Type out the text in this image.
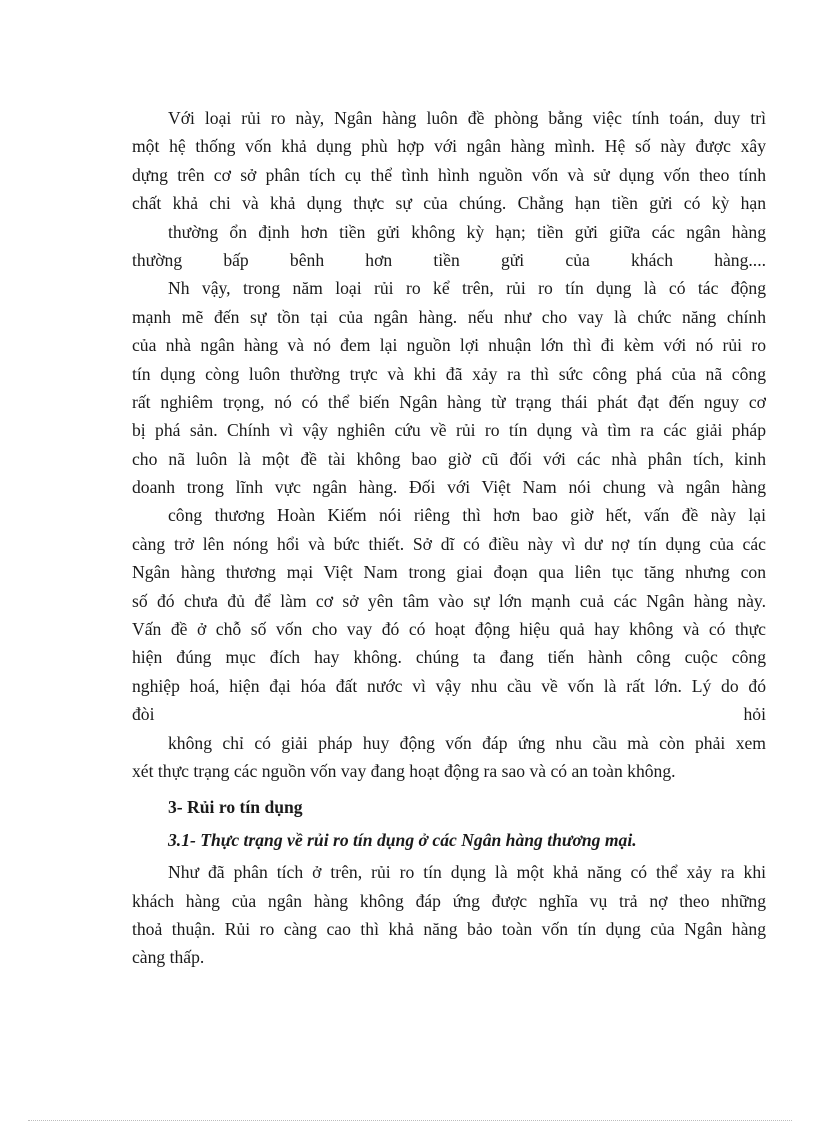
Với loại rủi ro này, Ngân hàng luôn đề phòng bằng việc tính toán, duy trì
một hệ thống vốn khả dụng phù hợp với ngân hàng mình. Hệ số này được xây
dựng trên cơ sở phân tích cụ thể tình hình nguồn vốn và sử dụng vốn theo tính
chất khả chi và khả dụng thực sự của chúng. Chẳng hạn tiền gửi có kỳ hạn
thường ổn định hơn tiền gửi không kỳ hạn; tiền gửi giữa các ngân hàng
thường bấp bênh hơn tiền gửi của khách hàng....
Nh vậy, trong năm loại rủi ro kể trên, rủi ro tín dụng là có tác động
mạnh mẽ đến sự tồn tại của ngân hàng. nếu như cho vay là chức năng chính
của nhà ngân hàng và nó đem lại nguồn lợi nhuận lớn thì đi kèm với nó rủi ro
tín dụng còng luôn thường trực và khi đã xảy ra thì sức công phá của nã công
rất nghiêm trọng, nó có thể biến Ngân hàng từ trạng thái phát đạt đến nguy cơ
bị phá sản. Chính vì vậy nghiên cứu về rủi ro tín dụng và tìm ra các giải pháp
cho nã luôn là một đề tài không bao giờ cũ đối với các nhà phân tích, kinh
doanh trong lĩnh vực ngân hàng. Đối với Việt Nam nói chung và ngân hàng
công thương Hoàn Kiếm nói riêng thì hơn bao giờ hết, vấn đề này lại
càng trở lên nóng hổi và bức thiết. Sở dĩ có điều này vì dư nợ tín dụng của các
Ngân hàng thương mại Việt Nam trong giai đoạn qua liên tục tăng nhưng con
số đó chưa đủ để làm cơ sở yên tâm vào sự lớn mạnh cuả các Ngân hàng này.
Vấn đề ở chỗ số vốn cho vay đó có hoạt động hiệu quả hay không và có thực
hiện đúng mục đích hay không. chúng ta đang tiến hành công cuộc công
nghiệp hoá, hiện đại hóa đất nước vì vậy nhu cầu về vốn là rất lớn. Lý do đó
đòi hỏi
không chỉ có giải pháp huy động vốn đáp ứng nhu cầu mà còn phải xem
xét thực trạng các nguồn vốn vay đang hoạt động ra sao và có an toàn không.
3- Rủi ro tín dụng
3.1- Thực trạng về rủi ro tín dụng ở các Ngân hàng thương mại.
Như đã phân tích ở trên, rủi ro tín dụng là một khả năng có thể xảy ra khi
khách hàng của ngân hàng không đáp ứng được nghĩa vụ trả nợ theo những
thoả thuận. Rủi ro càng cao thì khả năng bảo toàn vốn tín dụng của Ngân hàng
càng thấp.
